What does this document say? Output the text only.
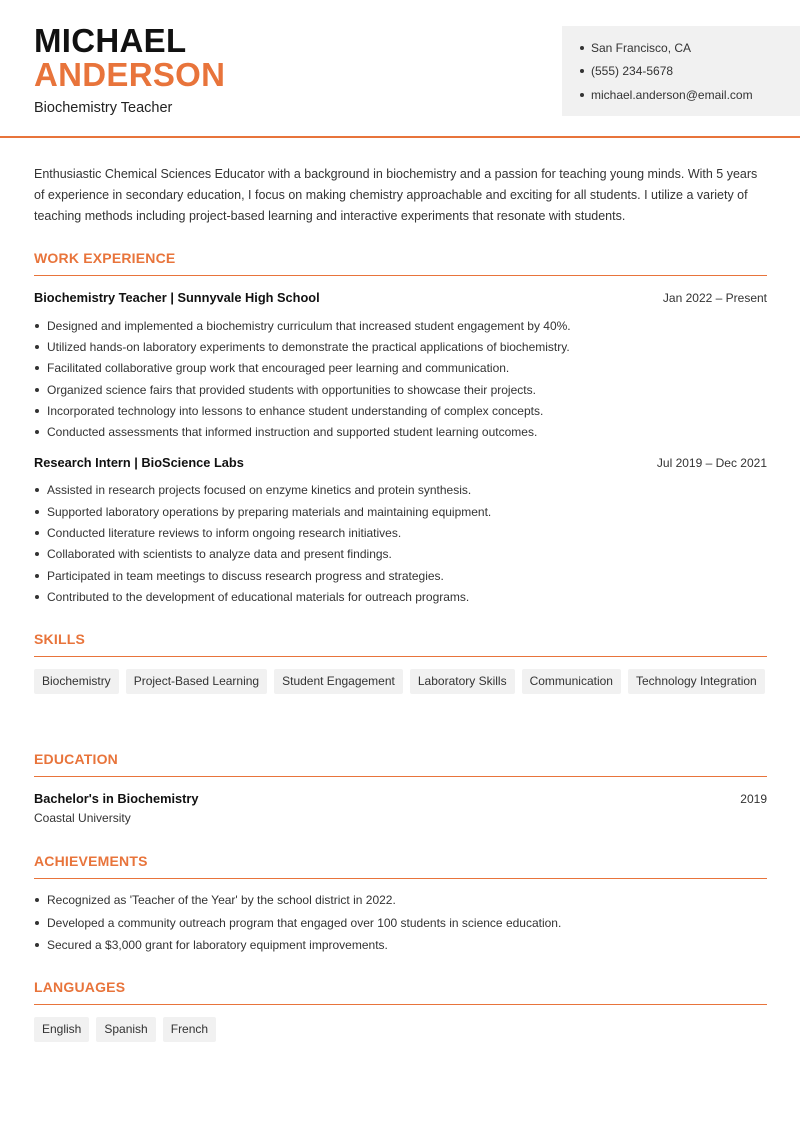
MICHAEL
ANDERSON
Biochemistry Teacher
San Francisco, CA
(555) 234-5678
michael.anderson@email.com
Enthusiastic Chemical Sciences Educator with a background in biochemistry and a passion for teaching young minds. With 5 years of experience in secondary education, I focus on making chemistry approachable and exciting for all students. I utilize a variety of teaching methods including project-based learning and interactive experiments that resonate with students.
WORK EXPERIENCE
Biochemistry Teacher | Sunnyvale High School	Jan 2022 – Present
Designed and implemented a biochemistry curriculum that increased student engagement by 40%.
Utilized hands-on laboratory experiments to demonstrate the practical applications of biochemistry.
Facilitated collaborative group work that encouraged peer learning and communication.
Organized science fairs that provided students with opportunities to showcase their projects.
Incorporated technology into lessons to enhance student understanding of complex concepts.
Conducted assessments that informed instruction and supported student learning outcomes.
Research Intern | BioScience Labs	Jul 2019 – Dec 2021
Assisted in research projects focused on enzyme kinetics and protein synthesis.
Supported laboratory operations by preparing materials and maintaining equipment.
Conducted literature reviews to inform ongoing research initiatives.
Collaborated with scientists to analyze data and present findings.
Participated in team meetings to discuss research progress and strategies.
Contributed to the development of educational materials for outreach programs.
SKILLS
Biochemistry	Project-Based Learning	Student Engagement	Laboratory Skills	Communication	Technology Integration
EDUCATION
Bachelor's in Biochemistry	2019
Coastal University
ACHIEVEMENTS
Recognized as 'Teacher of the Year' by the school district in 2022.
Developed a community outreach program that engaged over 100 students in science education.
Secured a $3,000 grant for laboratory equipment improvements.
LANGUAGES
English	Spanish	French
